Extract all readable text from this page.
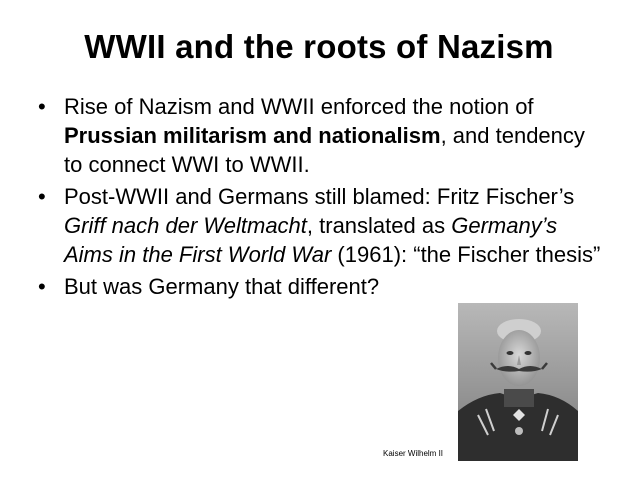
WWII and the roots of Nazism
• Rise of Nazism and WWII enforced the notion of Prussian militarism and nationalism, and tendency to connect WWI to WWII.
• Post-WWII and Germans still blamed: Fritz Fischer’s Griff nach der Weltmacht, translated as Germany’s Aims in the First World War (1961): “the Fischer thesis”
• But was Germany that different?
Kaiser Wilhelm II
